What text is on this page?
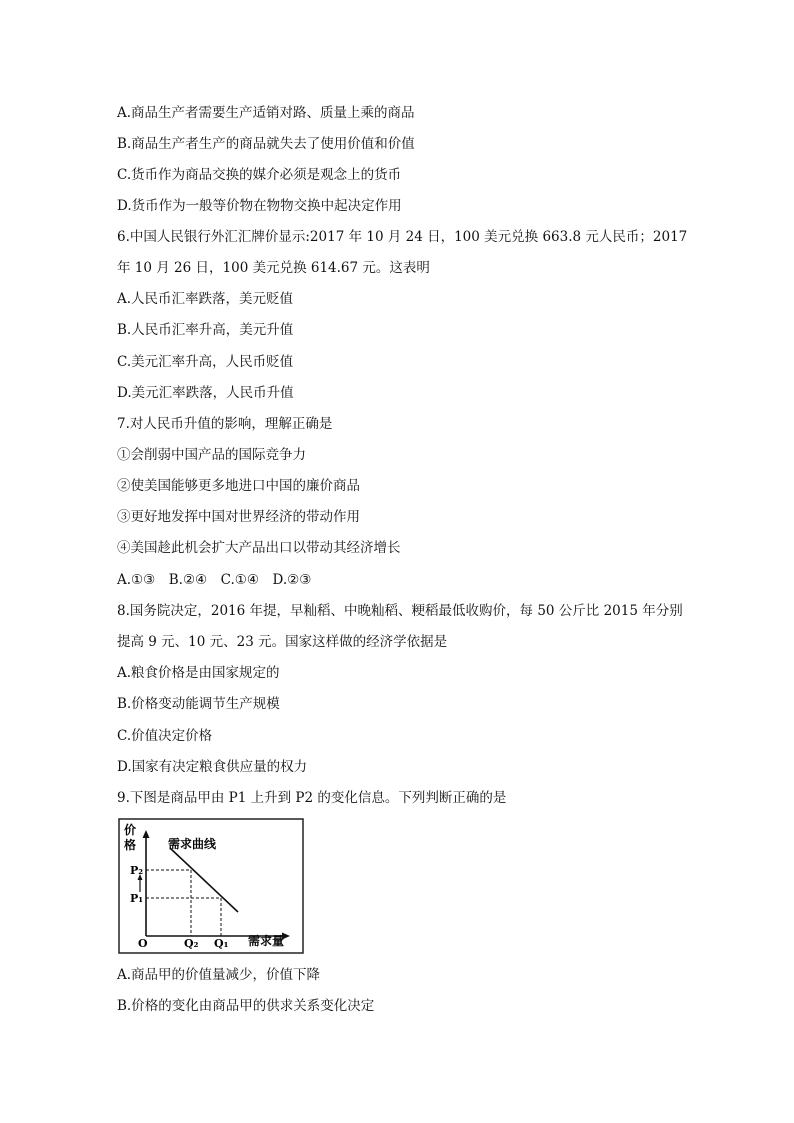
A.商品生产者需要生产适销对路、质量上乘的商品
B.商品生产者生产的商品就失去了使用价值和价值
C.货币作为商品交换的媒介必须是观念上的货币
D.货币作为一般等价物在物物交换中起决定作用
6.中国人民银行外汇汇牌价显示:2017 年 10 月 24 日，100 美元兑换 663.8 元人民币；2017
年 10 月 26 日，100 美元兑换 614.67 元。这表明
A.人民币汇率跌落，美元贬值
B.人民币汇率升高，美元升值
C.美元汇率升高，人民币贬值
D.美元汇率跌落，人民币升值
7.对人民币升值的影响，理解正确是
①会削弱中国产品的国际竞争力
②使美国能够更多地进口中国的廉价商品
③更好地发挥中国对世界经济的带动作用
④美国趁此机会扩大产品出口以带动其经济增长
A.①③　B.②④　C.①④　D.②③
8.国务院决定，2016 年提，早籼稻、中晚籼稻、粳稻最低收购价，每 50 公斤比 2015 年分别
提高 9 元、10 元、23 元。国家这样做的经济学依据是
A.粮食价格是由国家规定的
B.价格变动能调节生产规模
C.价值决定价格
D.国家有决定粮食供应量的权力
9.下图是商品甲由 P1 上升到 P2 的变化信息。下列判断正确的是
价
格	需求曲线
P₂
P₁
O	Q₂ Q₁ 需求量
A.商品甲的价值量减少，价值下降
B.价格的变化由商品甲的供求关系变化决定
